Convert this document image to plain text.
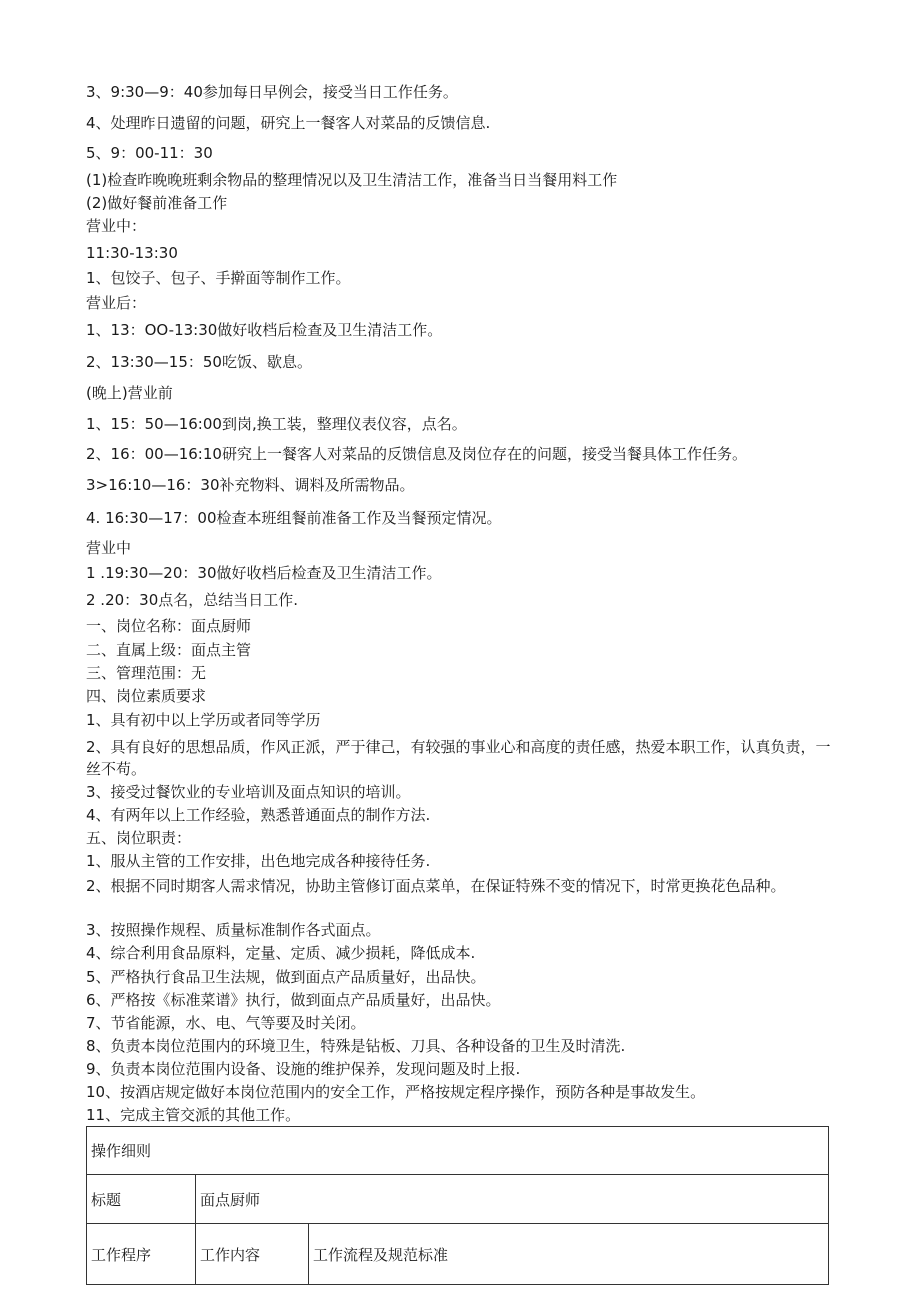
3、9:30—9：40参加每日早例会，接受当日工作任务。
4、处理昨日遗留的问题，研究上一餐客人对菜品的反馈信息.
5、9：00-11：30
(1)检查昨晚晚班剩余物品的整理情况以及卫生清洁工作，准备当日当餐用料工作
(2)做好餐前准备工作
营业中：
11:30-13:30
1、包饺子、包子、手擀面等制作工作。
营业后：
1、13：OO-13:30做好收档后检查及卫生清洁工作。
2、13:30—15：50吃饭、歇息。
(晚上)营业前
1、15：50—16:00到岗,换工装，整理仪表仪容，点名。
2、16：00—16:10研究上一餐客人对菜品的反馈信息及岗位存在的问题，接受当餐具体工作任务。
3>16:10—16：30补充物料、调料及所需物品。
4. 16:30—17：00检查本班组餐前准备工作及当餐预定情况。
营业中
1 .19:30—20：30做好收档后检查及卫生清洁工作。
2 .20：30点名，总结当日工作.
一、岗位名称：面点厨师
二、直属上级：面点主管
三、管理范围：无
四、岗位素质要求
1、具有初中以上学历或者同等学历
2、具有良好的思想品质，作风正派，严于律己，有较强的事业心和高度的责任感，热爱本职工作，认真负责，一丝不苟。
3、接受过餐饮业的专业培训及面点知识的培训。
4、有两年以上工作经验，熟悉普通面点的制作方法.
五、岗位职责：
1、服从主管的工作安排，出色地完成各种接待任务.
2、根据不同时期客人需求情况，协助主管修订面点菜单，在保证特殊不变的情况下，时常更换花色品种。
3、按照操作规程、质量标准制作各式面点。
4、综合利用食品原料，定量、定质、减少损耗，降低成本.
5、严格执行食品卫生法规，做到面点产品质量好，出品快。
6、严格按《标准菜谱》执行，做到面点产品质量好，出品快。
7、节省能源，水、电、气等要及时关闭。
8、负责本岗位范围内的环境卫生，特殊是钻板、刀具、各种设备的卫生及时清洗.
9、负责本岗位范围内设备、设施的维护保养，发现问题及时上报.
10、按酒店规定做好本岗位范围内的安全工作，严格按规定程序操作，预防各种是事故发生。
11、完成主管交派的其他工作。
操作细则		
标题	面点厨师	
工作程序	工作内容	工作流程及规范标准
